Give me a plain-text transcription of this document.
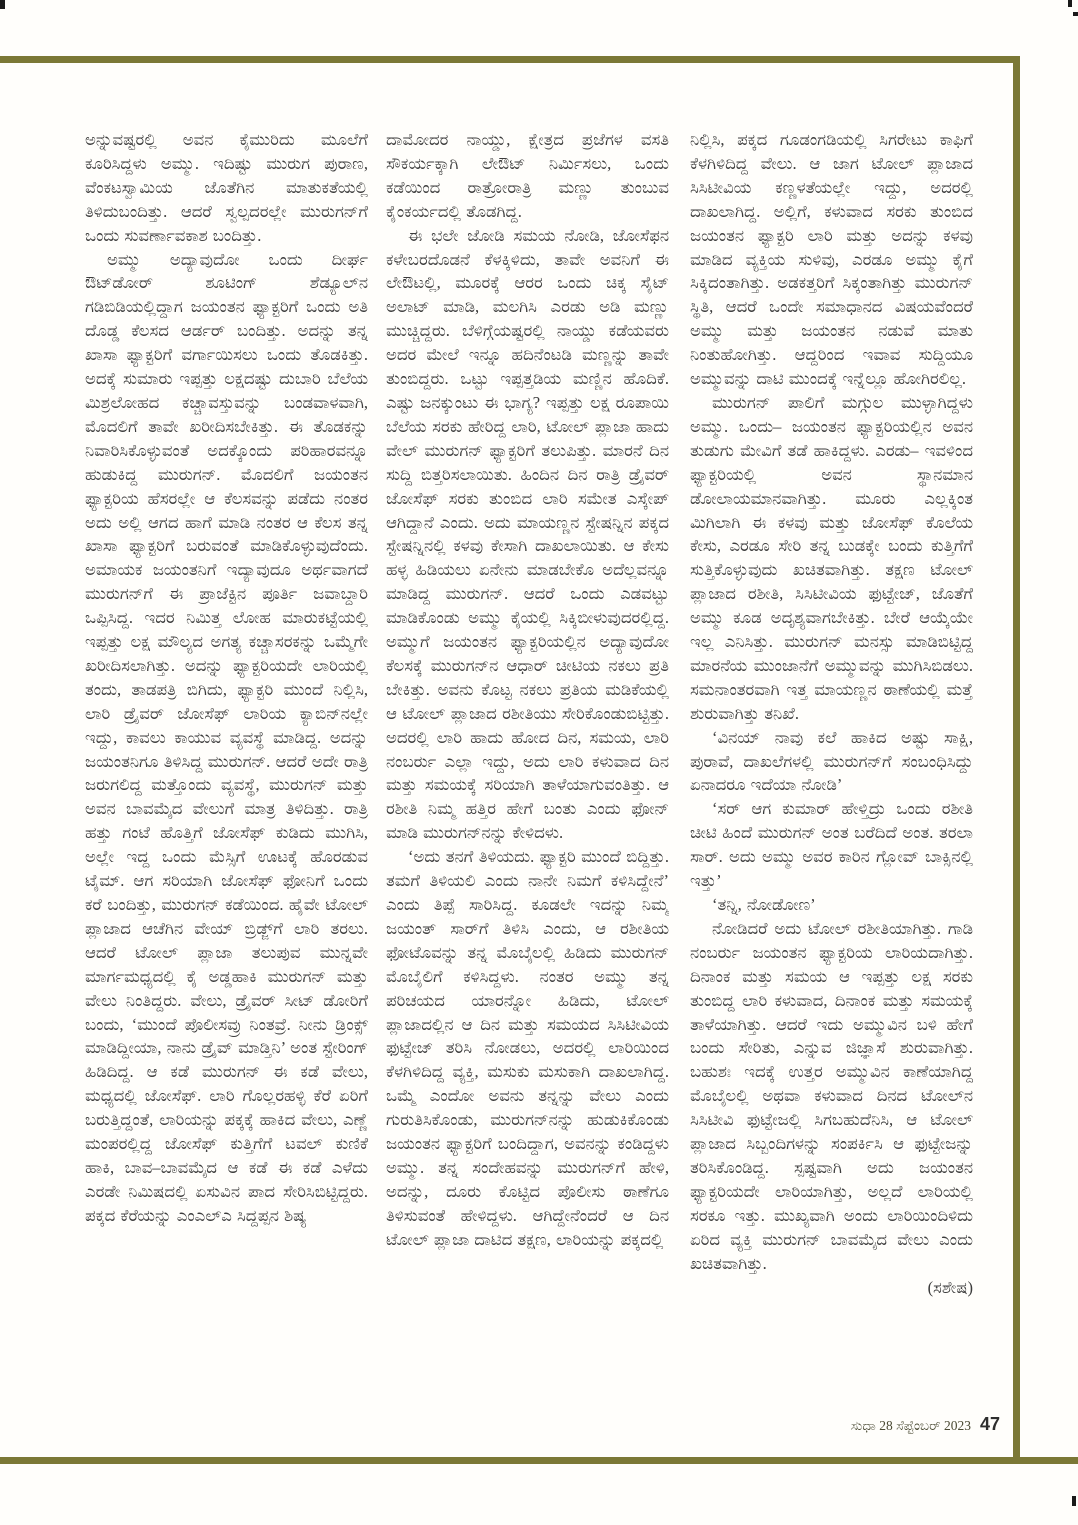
ಅನ್ನುವಷ್ಟರಲ್ಲಿ ಅವನ ಕೈಮುರಿದು ಮೂಲೆಗೆ ಕೂರಿಸಿದ್ದಳು ಅಮ್ಮು. ಇದಿಷ್ಟು ಮುರುಗ ಪುರಾಣ, ವೆಂಕಟಸ್ವಾಮಿಯ ಜೊತೆಗಿನ ಮಾತುಕತೆಯಲ್ಲಿ ತಿಳಿದುಬಂದಿತ್ತು. ಆದರೆ ಸ್ವಲ್ಪದರಲ್ಲೇ ಮುರುಗನ್‌ಗೆ ಒಂದು ಸುವರ್ಣಾವಕಾಶ ಬಂದಿತ್ತು.

ಅಮ್ಮು ಅದ್ಯಾವುದೋ ಒಂದು ದೀರ್ಘ ಔಟ್‌ಡೋರ್ ಶೂಟಿಂಗ್ ಶೆಡ್ಯೂಲ್‌ನ ಗಡಿಬಿಡಿಯಲ್ಲಿದ್ದಾಗ ಜಯಂತನ ಫ್ಯಾಕ್ಟರಿಗೆ ಒಂದು ಅತಿ ದೊಡ್ಡ ಕೆಲಸದ ಆರ್ಡರ್ ಬಂದಿತ್ತು. ಅದನ್ನು ತನ್ನ ಖಾಸಾ ಫ್ಯಾಕ್ಟರಿಗೆ ವರ್ಗಾಯಿಸಲು ಒಂದು ತೊಡಕಿತ್ತು. ಅದಕ್ಕೆ ಸುಮಾರು ಇಪ್ಪತ್ತು ಲಕ್ಷದಷ್ಟು ದುಬಾರಿ ಬೆಲೆಯ ಮಿಶ್ರಲೋಹದ ಕಚ್ಚಾವಸ್ತುವನ್ನು ಬಂಡವಾಳವಾಗಿ, ಮೊದಲಿಗೆ ತಾವೇ ಖರೀದಿಸಬೇಕಿತ್ತು. ಈ ತೊಡಕನ್ನು ನಿವಾರಿಸಿಕೊಳ್ಳುವಂತೆ ಅದಕ್ಕೊಂದು ಪರಿಹಾರವನ್ನೂ ಹುಡುಕಿದ್ದ ಮುರುಗನ್. ಮೊದಲಿಗೆ ಜಯಂತನ ಫ್ಯಾಕ್ಟರಿಯ ಹೆಸರಲ್ಲೇ ಆ ಕೆಲಸವನ್ನು ಪಡೆದು ನಂತರ ಅದು ಅಲ್ಲಿ ಆಗದ ಹಾಗೆ ಮಾಡಿ ನಂತರ ಆ ಕೆಲಸ ತನ್ನ ಖಾಸಾ ಫ್ಯಾಕ್ಟರಿಗೆ ಬರುವಂತೆ ಮಾಡಿಕೊಳ್ಳುವುದೆಂದು. ಅಮಾಯಕ ಜಯಂತನಿಗೆ ಇದ್ಯಾವುದೂ ಅರ್ಥವಾಗದೆ ಮುರುಗನ್‌ಗೆ ಈ ಪ್ರಾಜೆಕ್ಟಿನ ಪೂರ್ತಿ ಜವಾಬ್ದಾರಿ ಒಪ್ಪಿಸಿದ್ದ. ಇದರ ನಿಮಿತ್ತ ಲೋಹ ಮಾರುಕಟ್ಟೆಯಲ್ಲಿ ಇಪ್ಪತ್ತು ಲಕ್ಷ ಮೌಲ್ಯದ ಅಗತ್ಯ ಕಚ್ಚಾಸರಕನ್ನು ಒಮ್ಮೆಗೇ ಖರೀದಿಸಲಾಗಿತ್ತು. ಅದನ್ನು ಫ್ಯಾಕ್ಟರಿಯದೇ ಲಾರಿಯಲ್ಲಿ ತಂದು, ತಾಡಪತ್ರಿ ಬಿಗಿದು, ಫ್ಯಾಕ್ಟರಿ ಮುಂದೆ ನಿಲ್ಲಿಸಿ, ಲಾರಿ ಡ್ರೈವರ್ ಜೋಸೆಫ್ ಲಾರಿಯ ಕ್ಯಾಬಿನ್‌ನಲ್ಲೇ ಇದ್ದು, ಕಾವಲು ಕಾಯುವ ವ್ಯವಸ್ಥೆ ಮಾಡಿದ್ದ. ಅದನ್ನು ಜಯಂತನಿಗೂ ತಿಳಿಸಿದ್ದ ಮುರುಗನ್. ಆದರೆ ಅದೇ ರಾತ್ರಿ ಜರುಗಲಿದ್ದ ಮತ್ತೊಂದು ವ್ಯವಸ್ಥೆ, ಮುರುಗನ್ ಮತ್ತು ಅವನ ಬಾವಮೈದ ವೇಲುಗೆ ಮಾತ್ರ ತಿಳಿದಿತ್ತು. ರಾತ್ರಿ ಹತ್ತು ಗಂಟೆ ಹೊತ್ತಿಗೆ ಜೋಸೆಫ್ ಕುಡಿದು ಮುಗಿಸಿ, ಅಲ್ಲೇ ಇದ್ದ ಒಂದು ಮೆಸ್ಸಿಗೆ ಊಟಕ್ಕೆ ಹೊರಡುವ ಟೈಮ್. ಆಗ ಸರಿಯಾಗಿ ಜೋಸೆಫ್ ಫೋನಿಗೆ ಒಂದು ಕರೆ ಬಂದಿತ್ತು, ಮುರುಗನ್ ಕಡೆಯಿಂದ. ಹೈವೇ ಟೋಲ್ ಪ್ಲಾಜಾದ ಆಚೆಗಿನ ವೇಯ್ ಬ್ರಿಡ್ಜ್‌ಗೆ ಲಾರಿ ತರಲು. ಆದರೆ ಟೋಲ್ ಪ್ಲಾಜಾ ತಲುಪುವ ಮುನ್ನವೇ ಮಾರ್ಗಮಧ್ಯದಲ್ಲಿ ಕೈ ಅಡ್ಡಹಾಕಿ ಮುರುಗನ್ ಮತ್ತು ವೇಲು ನಿಂತಿದ್ದರು. ವೇಲು, ಡ್ರೈವರ್ ಸೀಟ್ ಡೋರಿಗೆ ಬಂದು, ‘ಮುಂದೆ ಪೊಲೀಸವ್ರು ನಿಂತವ್ರೆ. ನೀನು ಡ್ರಿಂಕ್ಸ್ ಮಾಡಿದ್ದೀಯಾ, ನಾನು ಡ್ರೈವ್ ಮಾಡ್ತಿನಿ’ ಅಂತ ಸ್ಟೇರಿಂಗ್ ಹಿಡಿದಿದ್ದ. ಆ ಕಡೆ ಮುರುಗನ್ ಈ ಕಡೆ ವೇಲು, ಮಧ್ಯದಲ್ಲಿ ಜೋಸೆಫ್. ಲಾರಿ ಗೊಲ್ಲರಹಳ್ಳಿ ಕೆರೆ ಏರಿಗೆ ಬರುತ್ತಿದ್ದಂತೆ, ಲಾರಿಯನ್ನು ಪಕ್ಕಕ್ಕೆ ಹಾಕಿದ ವೇಲು, ಎಣ್ಣೆ ಮಂಪರಲ್ಲಿದ್ದ ಜೋಸೆಫ್ ಕುತ್ತಿಗೆಗೆ ಟವಲ್ ಕುಣಿಕೆ ಹಾಕಿ, ಬಾವ–ಬಾವಮೈದ ಆ ಕಡೆ ಈ ಕಡೆ ಎಳೆದು ಎರಡೇ ನಿಮಿಷದಲ್ಲಿ ಏಸುವಿನ ಪಾದ ಸೇರಿಸಿಬಿಟ್ಟಿದ್ದರು. ಪಕ್ಕದ ಕೆರೆಯನ್ನು ಎಂಎಲ್‌ಎ ಸಿದ್ದಪ್ಪನ ಶಿಷ್ಯ

ದಾಮೋದರ ನಾಯ್ಡು, ಕ್ಷೇತ್ರದ ಪ್ರಜೆಗಳ ವಸತಿ ಸೌಕರ್ಯಕ್ಕಾಗಿ ಲೇಔಟ್ ನಿರ್ಮಿಸಲು, ಒಂದು ಕಡೆಯಿಂದ ರಾತ್ರೋರಾತ್ರಿ ಮಣ್ಣು ತುಂಬುವ ಕೈಂಕರ್ಯದಲ್ಲಿ ತೊಡಗಿದ್ದ.

ಈ ಭಲೇ ಜೋಡಿ ಸಮಯ ನೋಡಿ, ಜೋಸೆಫನ ಕಳೇಬರದೊಡನೆ ಕೆಳಕ್ಕಿಳಿದು, ತಾವೇ ಅವನಿಗೆ ಈ ಲೇಔಟಲ್ಲಿ, ಮೂರಕ್ಕೆ ಆರರ ಒಂದು ಚಿಕ್ಕ ಸೈಟ್ ಅಲಾಟ್ ಮಾಡಿ, ಮಲಗಿಸಿ ಎರಡು ಅಡಿ ಮಣ್ಣು ಮುಚ್ಚಿದ್ದರು. ಬೆಳಿಗ್ಗೆಯಷ್ಟರಲ್ಲಿ ನಾಯ್ಡು ಕಡೆಯವರು ಅದರ ಮೇಲೆ ಇನ್ನೂ ಹದಿನೆಂಟಡಿ ಮಣ್ಣನ್ನು ತಾವೇ ತುಂಬಿದ್ದರು. ಒಟ್ಟು ಇಪ್ಪತ್ತಡಿಯ ಮಣ್ಣಿನ ಹೊದಿಕೆ. ಎಷ್ಟು ಜನಕ್ಕುಂಟು ಈ ಭಾಗ್ಯ? ಇಪ್ಪತ್ತು ಲಕ್ಷ ರೂಪಾಯಿ ಬೆಲೆಯ ಸರಕು ಹೇರಿದ್ದ ಲಾರಿ, ಟೋಲ್ ಪ್ಲಾಜಾ ಹಾದು ವೇಲ್ ಮುರುಗನ್ ಫ್ಯಾಕ್ಟರಿಗೆ ತಲುಪಿತ್ತು. ಮಾರನೆ ದಿನ ಸುದ್ದಿ ಬಿತ್ತರಿಸಲಾಯಿತು. ಹಿಂದಿನ ದಿನ ರಾತ್ರಿ ಡ್ರೈವರ್ ಜೋಸೆಫ್ ಸರಕು ತುಂಬಿದ ಲಾರಿ ಸಮೇತ ಎಸ್ಕೇಪ್ ಆಗಿದ್ದಾನೆ ಎಂದು. ಅದು ಮಾಯಣ್ಣನ ಸ್ಟೇಷನ್ನಿನ ಪಕ್ಕದ ಸ್ಟೇಷನ್ನಿನಲ್ಲಿ ಕಳವು ಕೇಸಾಗಿ ದಾಖಲಾಯಿತು. ಆ ಕೇಸು ಹಳ್ಳ ಹಿಡಿಯಲು ಏನೇನು ಮಾಡಬೇಕೊ ಅದೆಲ್ಲವನ್ನೂ ಮಾಡಿದ್ದ ಮುರುಗನ್. ಆದರೆ ಒಂದು ಎಡವಟ್ಟು ಮಾಡಿಕೊಂಡು ಅಮ್ಮು ಕೈಯಲ್ಲಿ ಸಿಕ್ಕಿಬೀಳುವುದರಲ್ಲಿದ್ದ. ಅಮ್ಮುಗೆ ಜಯಂತನ ಫ್ಯಾಕ್ಟರಿಯಲ್ಲಿನ ಅದ್ಯಾವುದೋ ಕೆಲಸಕ್ಕೆ ಮುರುಗನ್‌ನ ಆಧಾರ್ ಚೀಟಿಯ ನಕಲು ಪ್ರತಿ ಬೇಕಿತ್ತು. ಅವನು ಕೊಟ್ಟ ನಕಲು ಪ್ರತಿಯ ಮಡಿಕೆಯಲ್ಲಿ ಆ ಟೋಲ್ ಪ್ಲಾಜಾದ ರಶೀತಿಯು ಸೇರಿಕೊಂಡುಬಿಟ್ಟಿತ್ತು. ಅದರಲ್ಲಿ ಲಾರಿ ಹಾದು ಹೋದ ದಿನ, ಸಮಯ, ಲಾರಿ ನಂಬರ್ರು ಎಲ್ಲಾ ಇದ್ದು, ಅದು ಲಾರಿ ಕಳುವಾದ ದಿನ ಮತ್ತು ಸಮಯಕ್ಕೆ ಸರಿಯಾಗಿ ತಾಳೆಯಾಗುವಂತಿತ್ತು. ಆ ರಶೀತಿ ನಿಮ್ಮ ಹತ್ತಿರ ಹೇಗೆ ಬಂತು ಎಂದು ಫೋನ್ ಮಾಡಿ ಮುರುಗನ್‌ನನ್ನು ಕೇಳಿದಳು.

‘ಅದು ತನಗೆ ತಿಳಿಯದು. ಫ್ಯಾಕ್ಟರಿ ಮುಂದೆ ಬಿದ್ದಿತ್ತು. ತಮಗೆ ತಿಳಿಯಲಿ ಎಂದು ನಾನೇ ನಿಮಗೆ ಕಳಿಸಿದ್ದೇನೆ’ ಎಂದು ತಿಪ್ಪೆ ಸಾರಿಸಿದ್ದ. ಕೂಡಲೇ ಇದನ್ನು ನಿಮ್ಮ ಜಯಂತ್ ಸಾರ್‌ಗೆ ತಿಳಿಸಿ ಎಂದು, ಆ ರಶೀತಿಯ ಫೋಟೊವನ್ನು ತನ್ನ ಮೊಬೈಲಲ್ಲಿ ಹಿಡಿದು ಮುರುಗನ್ ಮೊಬೈಲಿಗೆ ಕಳಿಸಿದ್ದಳು. ನಂತರ ಅಮ್ಮು ತನ್ನ ಪರಿಚಯದ ಯಾರನ್ನೋ ಹಿಡಿದು, ಟೋಲ್ ಪ್ಲಾಜಾದಲ್ಲಿನ ಆ ದಿನ ಮತ್ತು ಸಮಯದ ಸಿಸಿಟೀವಿಯ ಫುಟ್ಟೇಜ್ ತರಿಸಿ ನೋಡಲು, ಅದರಲ್ಲಿ ಲಾರಿಯಿಂದ ಕೆಳಗಿಳಿದಿದ್ದ ವ್ಯಕ್ತಿ, ಮಸುಕು ಮಸುಕಾಗಿ ದಾಖಲಾಗಿದ್ದ. ಒಮ್ಮೆ ಎಂದೋ ಅವನು ತನ್ನನ್ನು ವೇಲು ಎಂದು ಗುರುತಿಸಿಕೊಂಡು, ಮುರುಗನ್‌ನನ್ನು ಹುಡುಕಿಕೊಂಡು ಜಯಂತನ ಫ್ಯಾಕ್ಟರಿಗೆ ಬಂದಿದ್ದಾಗ, ಅವನನ್ನು ಕಂಡಿದ್ದಳು ಅಮ್ಮು. ತನ್ನ ಸಂದೇಹವನ್ನು ಮುರುಗನ್‌ಗೆ ಹೇಳಿ, ಅದನ್ನು, ದೂರು ಕೊಟ್ಟಿದ ಪೊಲೀಸು ಠಾಣೆಗೂ ತಿಳಿಸುವಂತೆ ಹೇಳಿದ್ದಳು. ಆಗಿದ್ದೇನೆಂದರೆ ಆ ದಿನ ಟೋಲ್ ಪ್ಲಾಜಾ ದಾಟಿದ ತಕ್ಷಣ, ಲಾರಿಯನ್ನು ಪಕ್ಕದಲ್ಲಿ

ನಿಲ್ಲಿಸಿ, ಪಕ್ಕದ ಗೂಡಂಗಡಿಯಲ್ಲಿ ಸಿಗರೇಟು ಕಾಫಿಗೆ ಕೆಳಗಿಳಿದಿದ್ದ ವೇಲು. ಆ ಜಾಗ ಟೋಲ್ ಪ್ಲಾಜಾದ ಸಿಸಿಟೀವಿಯ ಕಣ್ಣಳತೆಯಲ್ಲೇ ಇದ್ದು, ಅದರಲ್ಲಿ ದಾಖಲಾಗಿದ್ದ. ಅಲ್ಲಿಗೆ, ಕಳುವಾದ ಸರಕು ತುಂಬಿದ ಜಯಂತನ ಫ್ಯಾಕ್ಟರಿ ಲಾರಿ ಮತ್ತು ಅದನ್ನು ಕಳವು ಮಾಡಿದ ವ್ಯಕ್ತಿಯ ಸುಳಿವು, ಎರಡೂ ಅಮ್ಮು ಕೈಗೆ ಸಿಕ್ಕಿದಂತಾಗಿತ್ತು. ಅಡಕತ್ತರಿಗೆ ಸಿಕ್ಕಂತಾಗಿತ್ತು ಮುರುಗನ್ ಸ್ಥಿತಿ, ಆದರೆ ಒಂದೇ ಸಮಾಧಾನದ ವಿಷಯವೆಂದರೆ ಅಮ್ಮು ಮತ್ತು ಜಯಂತನ ನಡುವೆ ಮಾತು ನಿಂತುಹೋಗಿತ್ತು. ಆದ್ದರಿಂದ ಇವಾವ ಸುದ್ದಿಯೂ ಅಮ್ಮುವನ್ನು ದಾಟಿ ಮುಂದಕ್ಕೆ ಇನ್ನೆಲ್ಲೂ ಹೋಗಿರಲಿಲ್ಲ.

ಮುರುಗನ್ ಪಾಲಿಗೆ ಮಗ್ಗುಲ ಮುಳ್ಳಾಗಿದ್ದಳು ಅಮ್ಮು. ಒಂದು– ಜಯಂತನ ಫ್ಯಾಕ್ಟರಿಯಲ್ಲಿನ ಅವನ ತುಡುಗು ಮೇವಿಗೆ ತಡೆ ಹಾಕಿದ್ದಳು. ಎರಡು– ಇವಳಿಂದ ಫ್ಯಾಕ್ಟರಿಯಲ್ಲಿ ಅವನ ಸ್ಥಾನಮಾನ ಡೋಲಾಯಮಾನವಾಗಿತ್ತು. ಮೂರು ಎಲ್ಲಕ್ಕಿಂತ ಮಿಗಿಲಾಗಿ ಈ ಕಳವು ಮತ್ತು ಜೋಸೆಫ್ ಕೊಲೆಯ ಕೇಸು, ಎರಡೂ ಸೇರಿ ತನ್ನ ಬುಡಕ್ಕೇ ಬಂದು ಕುತ್ತಿಗೆಗೆ ಸುತ್ತಿಕೊಳ್ಳುವುದು ಖಚಿತವಾಗಿತ್ತು. ತಕ್ಷಣ ಟೋಲ್ ಪ್ಲಾಜಾದ ರಶೀತಿ, ಸಿಸಿಟೀವಿಯ ಫುಟ್ಟೇಜ್, ಜೊತೆಗೆ ಅಮ್ಮು ಕೂಡ ಅದೃಶ್ಯವಾಗಬೇಕಿತ್ತು. ಬೇರೆ ಆಯ್ಕೆಯೇ ಇಲ್ಲ ಎನಿಸಿತ್ತು. ಮುರುಗನ್ ಮನಸ್ಸು ಮಾಡಿಬಿಟ್ಟಿದ್ದ ಮಾರನೆಯ ಮುಂಜಾನೆಗೆ ಅಮ್ಮುವನ್ನು ಮುಗಿಸಿಬಿಡಲು. ಸಮನಾಂತರವಾಗಿ ಇತ್ತ ಮಾಯಣ್ಣನ ಠಾಣೆಯಲ್ಲಿ ಮತ್ತೆ ಶುರುವಾಗಿತ್ತು ತನಿಖೆ.

‘ವಿನಯ್ ನಾವು ಕಲೆ ಹಾಕಿದ ಅಷ್ಟು ಸಾಕ್ಷಿ, ಪುರಾವೆ, ದಾಖಲೆಗಳಲ್ಲಿ ಮುರುಗನ್‌ಗೆ ಸಂಬಂಧಿಸಿದ್ದು ಏನಾದರೂ ಇದೆಯಾ ನೋಡಿ’

‘ಸರ್ ಆಗ ಕುಮಾರ್ ಹೇಳ್ತಿದ್ರು ಒಂದು ರಶೀತಿ ಚೀಟಿ ಹಿಂದೆ ಮುರುಗನ್ ಅಂತ ಬರೆದಿದೆ ಅಂತ. ತರಲಾ ಸಾರ್. ಅದು ಅಮ್ಮು ಅವರ ಕಾರಿನ ಗ್ಲೋವ್ ಬಾಕ್ಸಿನಲ್ಲಿ ಇತ್ತು’

‘ತನ್ನಿ, ನೋಡೋಣ’

ನೋಡಿದರೆ ಅದು ಟೋಲ್ ರಶೀತಿಯಾಗಿತ್ತು. ಗಾಡಿ ನಂಬರ್ರು ಜಯಂತನ ಫ್ಯಾಕ್ಟರಿಯ ಲಾರಿಯದಾಗಿತ್ತು. ದಿನಾಂಕ ಮತ್ತು ಸಮಯ ಆ ಇಪ್ಪತ್ತು ಲಕ್ಷ ಸರಕು ತುಂಬಿದ್ದ ಲಾರಿ ಕಳುವಾದ, ದಿನಾಂಕ ಮತ್ತು ಸಮಯಕ್ಕೆ ತಾಳೆಯಾಗಿತ್ತು. ಆದರೆ ಇದು ಅಮ್ಮುವಿನ ಬಳಿ ಹೇಗೆ ಬಂದು ಸೇರಿತು, ಎನ್ನುವ ಜಿಜ್ಞಾಸೆ ಶುರುವಾಗಿತ್ತು. ಬಹುಶಃ ಇದಕ್ಕೆ ಉತ್ತರ ಅಮ್ಮುವಿನ ಕಾಣೆಯಾಗಿದ್ದ ಮೊಬೈಲಲ್ಲಿ ಅಥವಾ ಕಳುವಾದ ದಿನದ ಟೋಲ್‌ನ ಸಿಸಿಟೀವಿ ಫುಟ್ಟೇಜಲ್ಲಿ ಸಿಗಬಹುದೆನಿಸಿ, ಆ ಟೋಲ್ ಪ್ಲಾಜಾದ ಸಿಬ್ಬಂದಿಗಳನ್ನು ಸಂಪರ್ಕಿಸಿ ಆ ಫುಟ್ಟೇಜನ್ನು ತರಿಸಿಕೊಂಡಿದ್ದ. ಸ್ಪಷ್ಟವಾಗಿ ಅದು ಜಯಂತನ ಫ್ಯಾಕ್ಟರಿಯದೇ ಲಾರಿಯಾಗಿತ್ತು, ಅಲ್ಲದೆ ಲಾರಿಯಲ್ಲಿ ಸರಕೂ ಇತ್ತು. ಮುಖ್ಯವಾಗಿ ಅಂದು ಲಾರಿಯಿಂದಿಳಿದು ಏರಿದ ವ್ಯಕ್ತಿ ಮುರುಗನ್ ಬಾವಮೈದ ವೇಲು ಎಂದು ಖಚಿತವಾಗಿತ್ತು.

(ಸಶೇಷ)

ಸುಧಾ 28 ಸೆಪ್ಟೆಂಬರ್ 2023 47
